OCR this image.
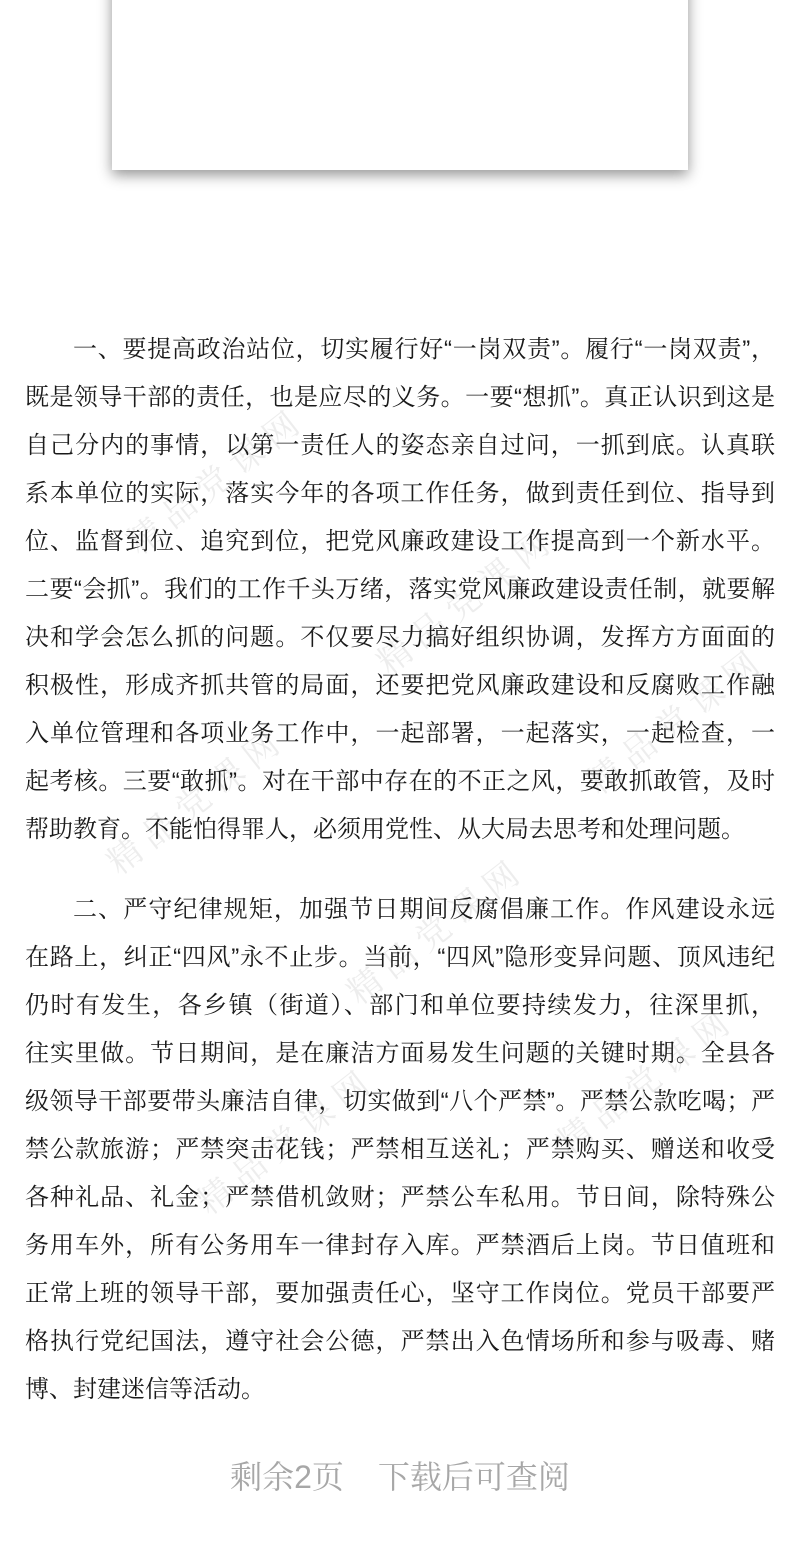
精品党课网
精品党课网
精品党课网
精品党课网
精品党课网
精品党课网
精品党课网
一、要提高政治站位，切实履行好“一岗双责”。履行“一岗双责”，
既是领导干部的责任，也是应尽的义务。一要“想抓”。真正认识到这是
自己分内的事情，以第一责任人的姿态亲自过问，一抓到底。认真联
系本单位的实际，落实今年的各项工作任务，做到责任到位、指导到
位、监督到位、追究到位，把党风廉政建设工作提高到一个新水平。
二要“会抓”。我们的工作千头万绪，落实党风廉政建设责任制，就要解
决和学会怎么抓的问题。不仅要尽力搞好组织协调，发挥方方面面的
积极性，形成齐抓共管的局面，还要把党风廉政建设和反腐败工作融
入单位管理和各项业务工作中，一起部署，一起落实，一起检查，一
起考核。三要“敢抓”。对在干部中存在的不正之风，要敢抓敢管，及时
帮助教育。不能怕得罪人，必须用党性、从大局去思考和处理问题。
二、严守纪律规矩，加强节日期间反腐倡廉工作。作风建设永远
在路上，纠正“四风”永不止步。当前，“四风”隐形变异问题、顶风违纪
仍时有发生，各乡镇（街道）、部门和单位要持续发力，往深里抓，
往实里做。节日期间，是在廉洁方面易发生问题的关键时期。全县各
级领导干部要带头廉洁自律，切实做到“八个严禁”。严禁公款吃喝；严
禁公款旅游；严禁突击花钱；严禁相互送礼；严禁购买、赠送和收受
各种礼品、礼金；严禁借机敛财；严禁公车私用。节日间，除特殊公
务用车外，所有公务用车一律封存入库。严禁酒后上岗。节日值班和
正常上班的领导干部，要加强责任心，坚守工作岗位。党员干部要严
格执行党纪国法，遵守社会公德，严禁出入色情场所和参与吸毒、赌
博、封建迷信等活动。
剩余2页 下载后可查阅
